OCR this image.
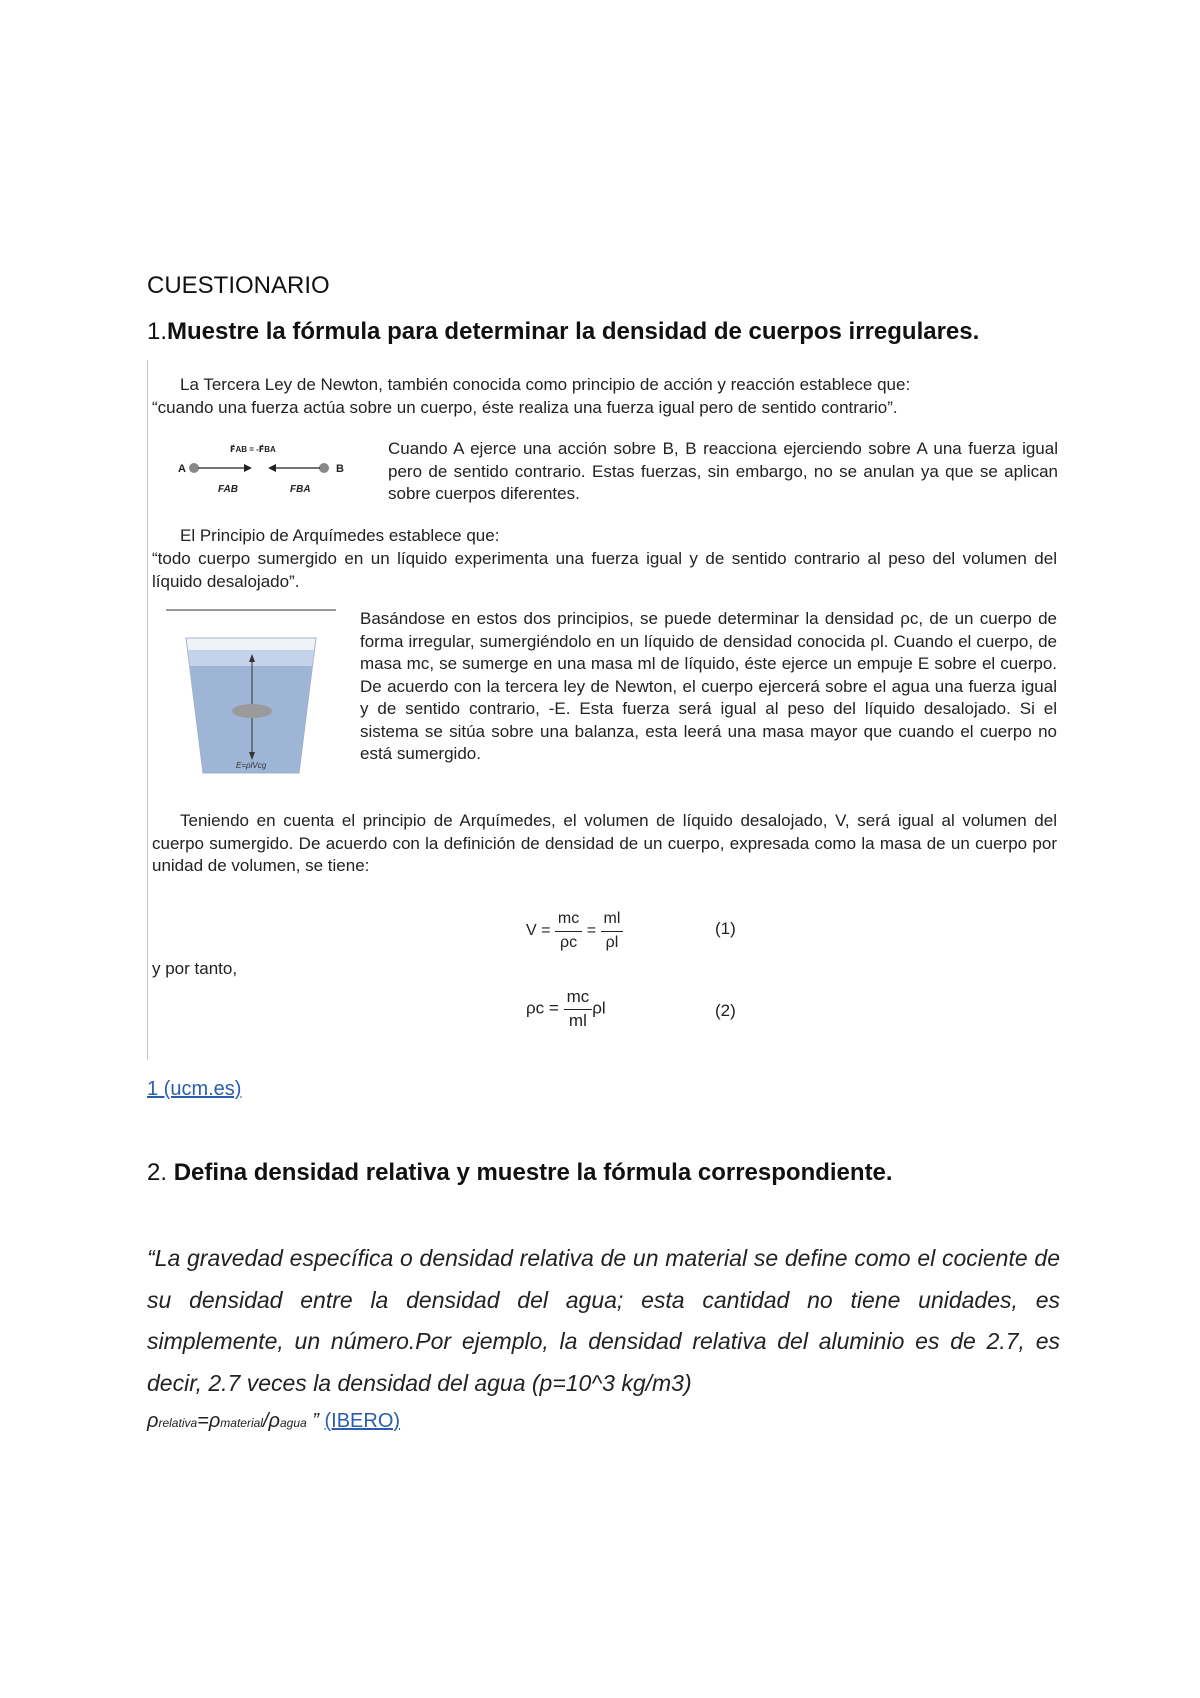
CUESTIONARIO
1.Muestre la fórmula para determinar la densidad de cuerpos irregulares.
La Tercera Ley de Newton, también conocida como principio de acción y reacción establece que:
“cuando una fuerza actúa sobre un cuerpo, éste realiza una fuerza igual pero de sentido contrario”.
A	B
F⃗AB = -F⃗BA
FAB	FBA
Cuando A ejerce una acción sobre B, B reacciona ejerciendo sobre A una fuerza igual pero de sentido contrario. Estas fuerzas, sin embargo, no se anulan ya que se aplican sobre cuerpos diferentes.
El Principio de Arquímedes establece que:
“todo cuerpo sumergido en un líquido experimenta una fuerza igual y de sentido contrario al peso del volumen del líquido desalojado”.
E=ρlVcg
Basándose en estos dos principios, se puede determinar la densidad ρc, de un cuerpo de forma irregular, sumergiéndolo en un líquido de densidad conocida ρl. Cuando el cuerpo, de masa mc, se sumerge en una masa ml de líquido, éste ejerce un empuje E sobre el cuerpo. De acuerdo con la tercera ley de Newton, el cuerpo ejercerá sobre el agua una fuerza igual y de sentido contrario, -E. Esta fuerza será igual al peso del líquido desalojado. Si el sistema se sitúa sobre una balanza, esta leerá una masa mayor que cuando el cuerpo no está sumergido.
Teniendo en cuenta el principio de Arquímedes, el volumen de líquido desalojado, V, será igual al volumen del cuerpo sumergido. De acuerdo con la definición de densidad de un cuerpo, expresada como la masa de un cuerpo por unidad de volumen, se tiene:
$V = \frac{mc}{\rho c} = \frac{ml}{\rho l}$	(1)
y por tanto,
$\rho c = \frac{mc}{ml}$ ρl	(2)
1 (ucm.es)
2. Defina densidad relativa y muestre la fórmula correspondiente.
“La gravedad específica o densidad relativa de un material se define como el cociente de su densidad entre la densidad del agua; esta cantidad no tiene unidades, es simplemente, un número.Por ejemplo, la densidad relativa del aluminio es de 2.7, es decir, 2.7 veces la densidad del agua (p=10^3 kg/m3)
ρrelativa=ρmaterial/ρagua ” (IBERO)
